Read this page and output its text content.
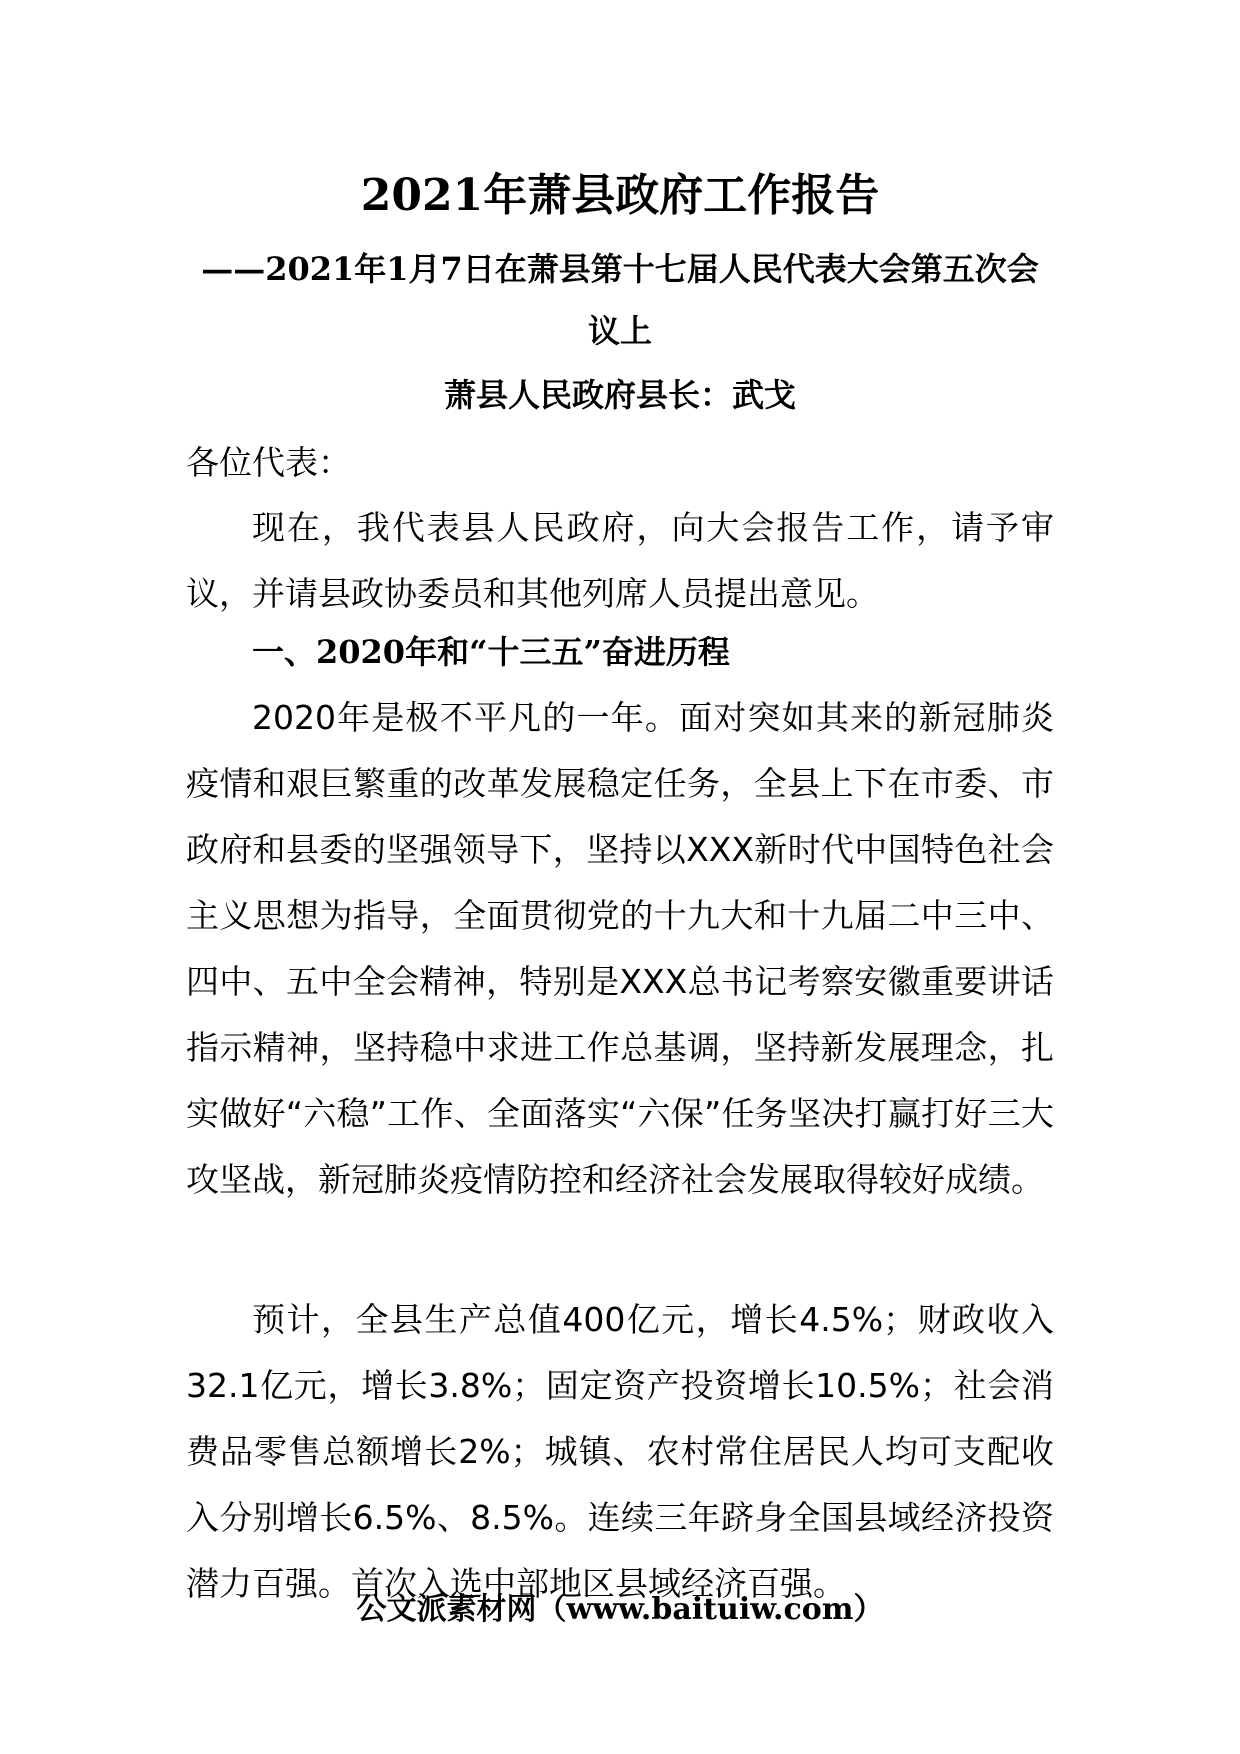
2021年萧县政府工作报告
——2021年1月7日在萧县第十七届人民代表大会第五次会议上
萧县人民政府县长：武戈
各位代表：

现在，我代表县人民政府，向大会报告工作，请予审议，并请县政协委员和其他列席人员提出意见。

一、2020年和“十三五”奋进历程

2020年是极不平凡的一年。面对突如其来的新冠肺炎疫情和艰巨繁重的改革发展稳定任务，全县上下在市委、市政府和县委的坚强领导下，坚持以XXX新时代中国特色社会主义思想为指导，全面贯彻党的十九大和十九届二中三中、四中、五中全会精神，特别是XXX总书记考察安徽重要讲话指示精神，坚持稳中求进工作总基调，坚持新发展理念，扎实做好“六稳”工作、全面落实“六保”任务坚决打赢打好三大攻坚战，新冠肺炎疫情防控和经济社会发展取得较好成绩。

预计，全县生产总值400亿元，增长4.5%；财政收入32.1亿元，增长3.8%；固定资产投资增长10.5%；社会消费品零售总额增长2%；城镇、农村常住居民人均可支配收入分别增长6.5%、8.5%。连续三年跻身全国县域经济投资潜力百强。首次入选中部地区县域经济百强。

公文派素材网（www.baituiw.com）
